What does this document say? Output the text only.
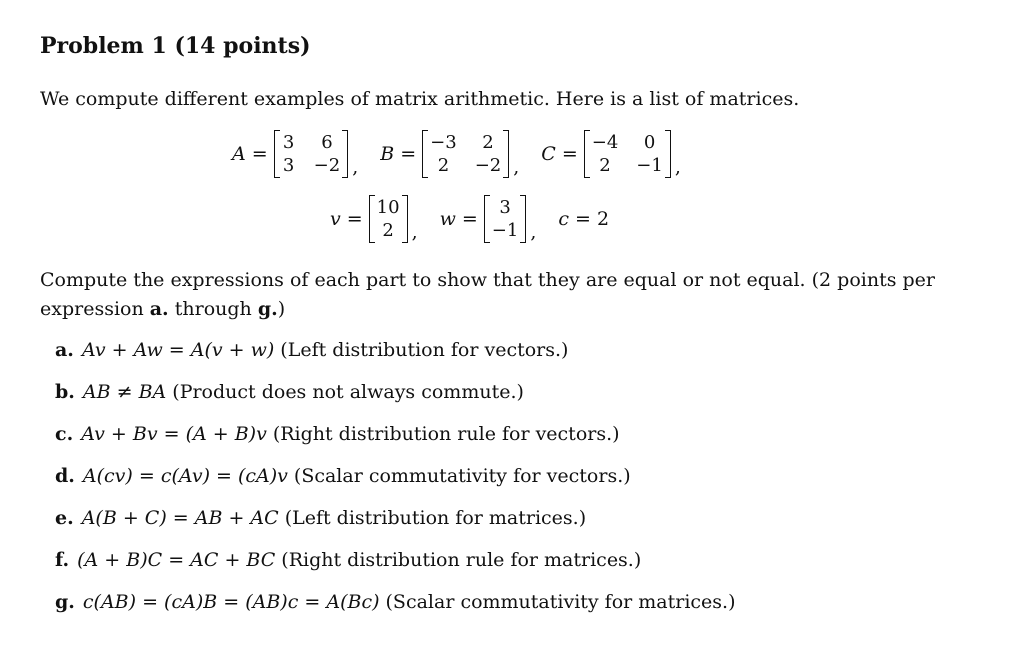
Problem 1 (14 points)
We compute different examples of matrix arithmetic. Here is a list of matrices.
A =
3	6
3 −2 ,
B =
−3	2
2	−2 ,
C =
−4	0
2	−1 ,
v =
10
2 ,
w =
3
−1 ,
c = 2
Compute the expressions of each part to show that they are equal or not equal. (2 points per expression a. through g.)
a. Av + Aw = A(v + w) (Left distribution for vectors.)
b. AB ≠ BA (Product does not always commute.)
c. Av + Bv = (A + B)v (Right distribution rule for vectors.)
d. A(cv) = c(Av) = (cA)v (Scalar commutativity for vectors.)
e. A(B + C) = AB + AC (Left distribution for matrices.)
f. (A + B)C = AC + BC (Right distribution rule for matrices.)
g. c(AB) = (cA)B = (AB)c = A(Bc) (Scalar commutativity for matrices.)
